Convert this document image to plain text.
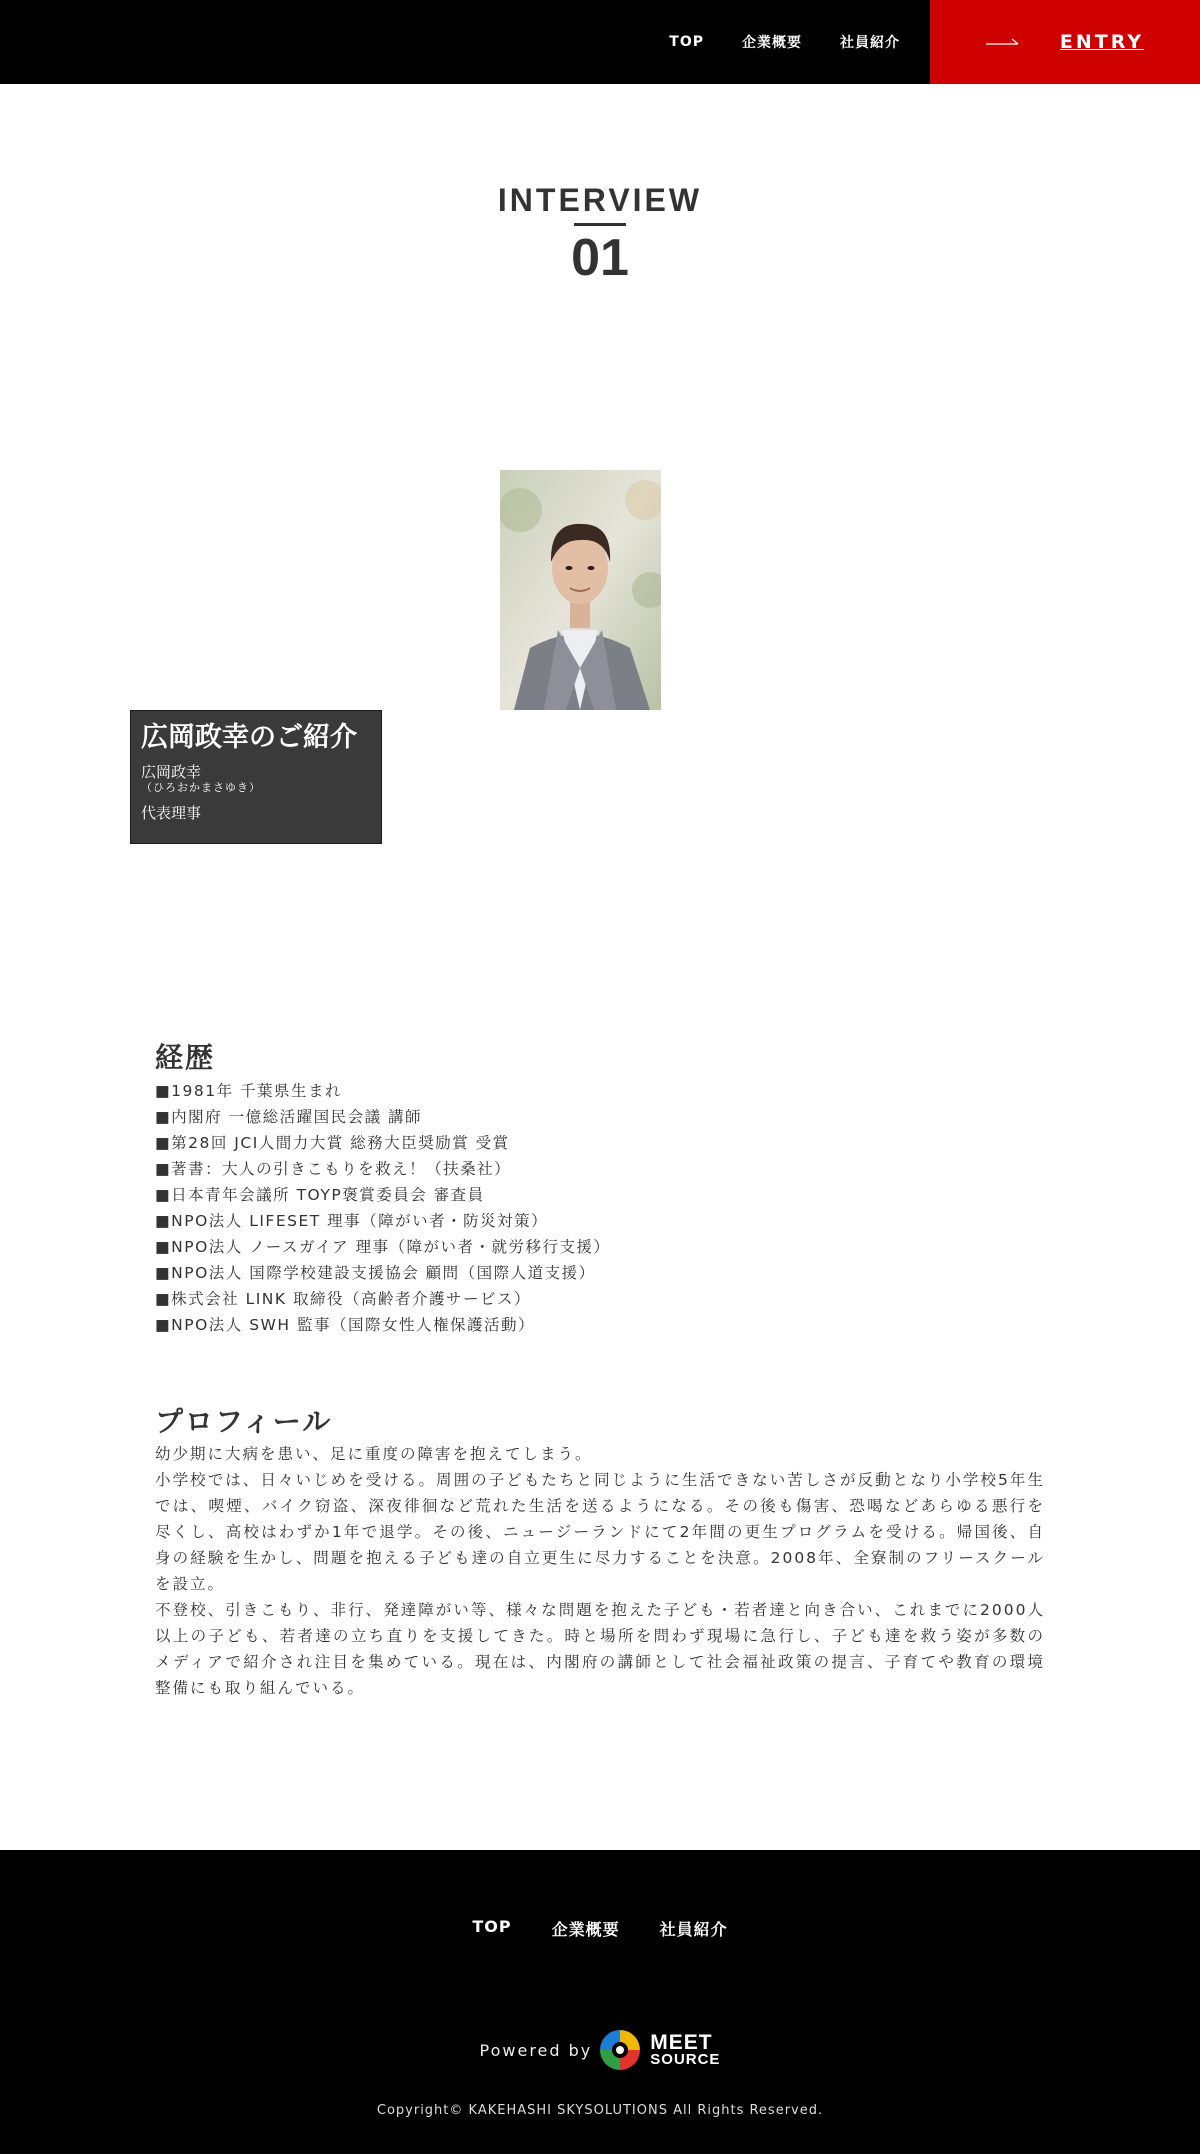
TOP	企業概要	社員紹介	ENTRY
INTERVIEW
01
広岡政幸のご紹介
広岡政幸
（ひろおかまさゆき）
代表理事
経歴
■1981年 千葉県生まれ
■内閣府 一億総活躍国民会議 講師
■第28回 JCI人間力大賞 総務大臣奨励賞 受賞
■著書：大人の引きこもりを救え！（扶桑社）
■日本青年会議所 TOYP褒賞委員会 審査員
■NPO法人 LIFESET 理事（障がい者・防災対策）
■NPO法人 ノースガイア 理事（障がい者・就労移行支援）
■NPO法人 国際学校建設支援協会 顧問（国際人道支援）
■株式会社 LINK 取締役（高齢者介護サービス）
■NPO法人 SWH 監事（国際女性人権保護活動）
プロフィール

幼少期に大病を患い、足に重度の障害を抱えてしまう。

小学校では、日々いじめを受ける。周囲の子どもたちと同じように生活できない苦しさが反動となり小学校5年生では、喫煙、バイク窃盗、深夜徘徊など荒れた生活を送るようになる。その後も傷害、恐喝などあらゆる悪行を尽くし、高校はわずか1年で退学。その後、ニュージーランドにて2年間の更生プログラムを受ける。帰国後、自身の経験を生かし、問題を抱える子ども達の自立更生に尽力することを決意。2008年、全寮制のフリースクールを設立。

不登校、引きこもり、非行、発達障がい等、様々な問題を抱えた子ども・若者達と向き合い、これまでに2000人以上の子ども、若者達の立ち直りを支援してきた。時と場所を問わず現場に急行し、子ども達を救う姿が多数のメディアで紹介され注目を集めている。現在は、内閣府の講師として社会福祉政策の提言、子育てや教育の環境整備にも取り組んでいる。

TOP	企業概要	社員紹介
Powered by	MEET
SOURCE
Copyright© KAKEHASHI SKYSOLUTIONS All Rights Reserved.
